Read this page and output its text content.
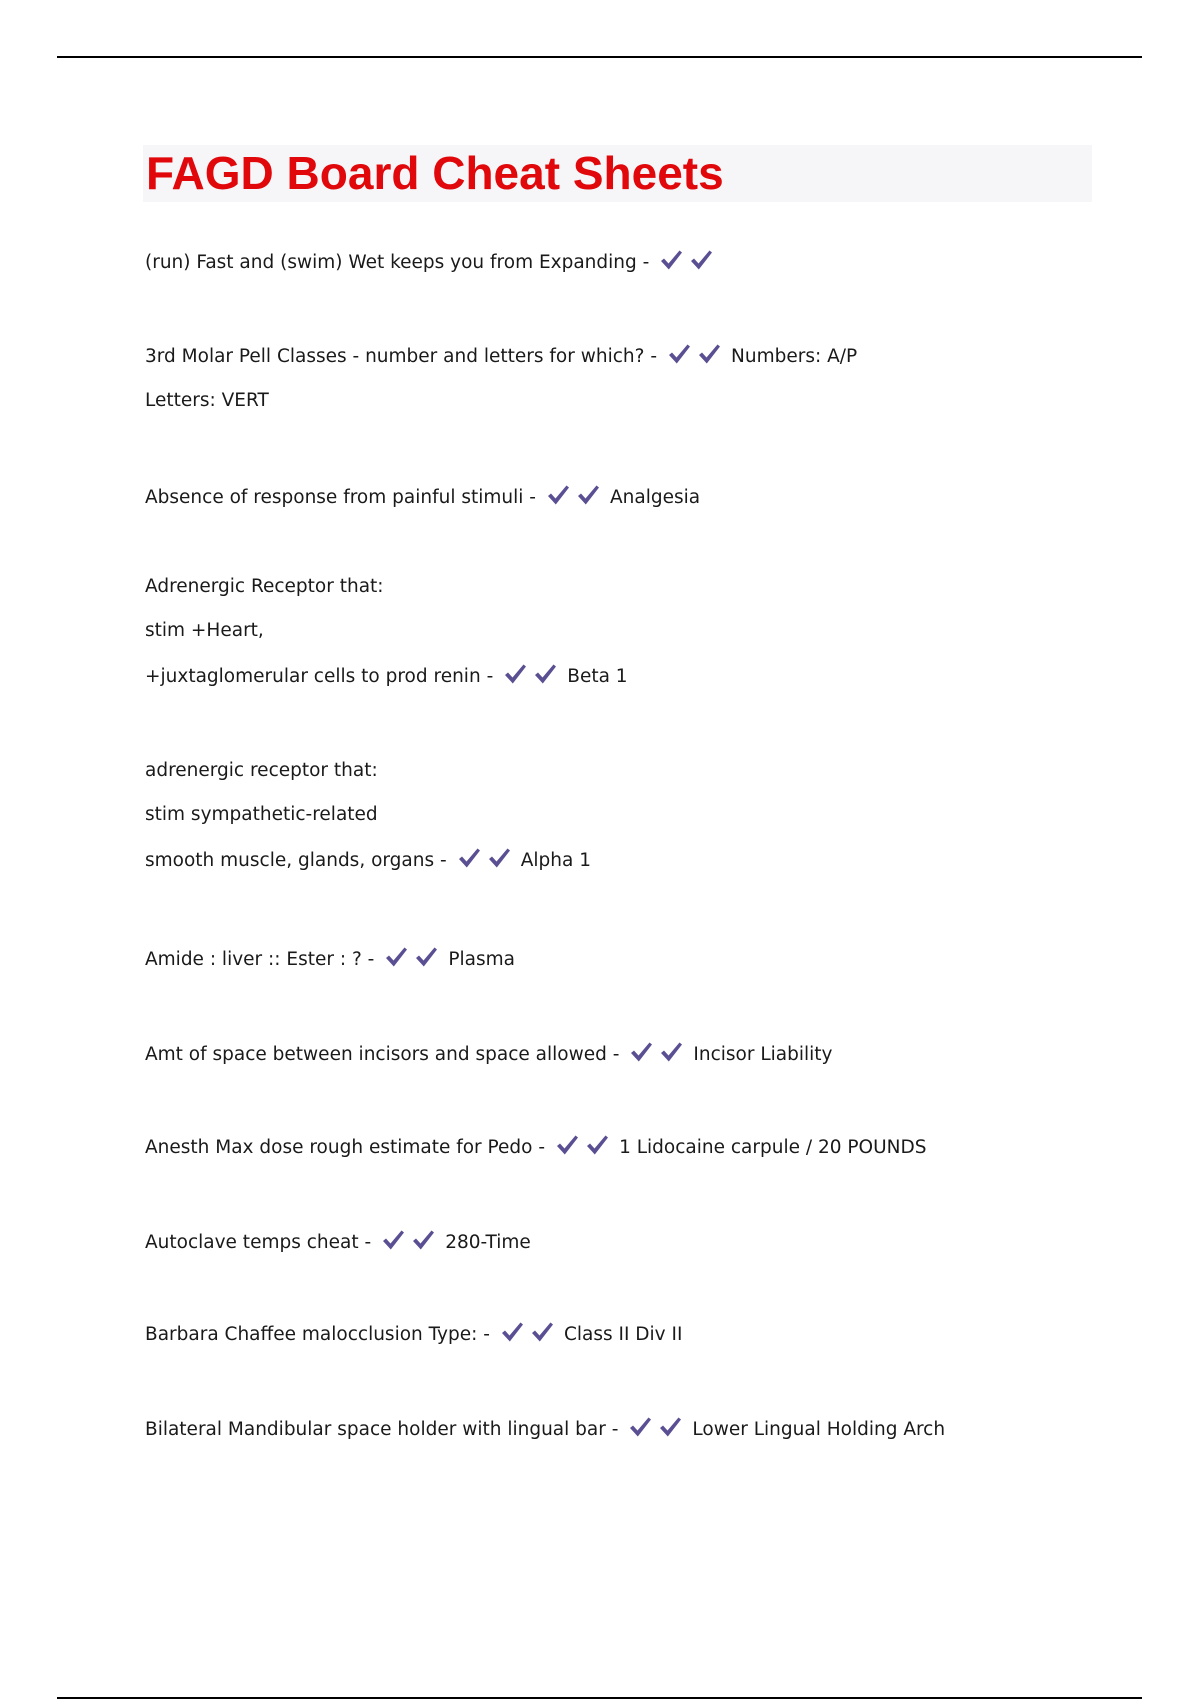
FAGD Board Cheat Sheets
(run) Fast and (swim) Wet keeps you from Expanding -
3rd Molar Pell Classes - number and letters for which? -	Numbers: A/P
Letters: VERT
Absence of response from painful stimuli -	Analgesia
Adrenergic Receptor that:
stim +Heart,
+juxtaglomerular cells to prod renin -	Beta 1
adrenergic receptor that:
stim sympathetic-related
smooth muscle, glands, organs -	Alpha 1
Amide : liver :: Ester : ? -	Plasma
Amt of space between incisors and space allowed -	Incisor Liability
Anesth Max dose rough estimate for Pedo -	1 Lidocaine carpule / 20 POUNDS
Autoclave temps cheat -	280-Time
Barbara Chaffee malocclusion Type: -	Class II Div II
Bilateral Mandibular space holder with lingual bar -	Lower Lingual Holding Arch
